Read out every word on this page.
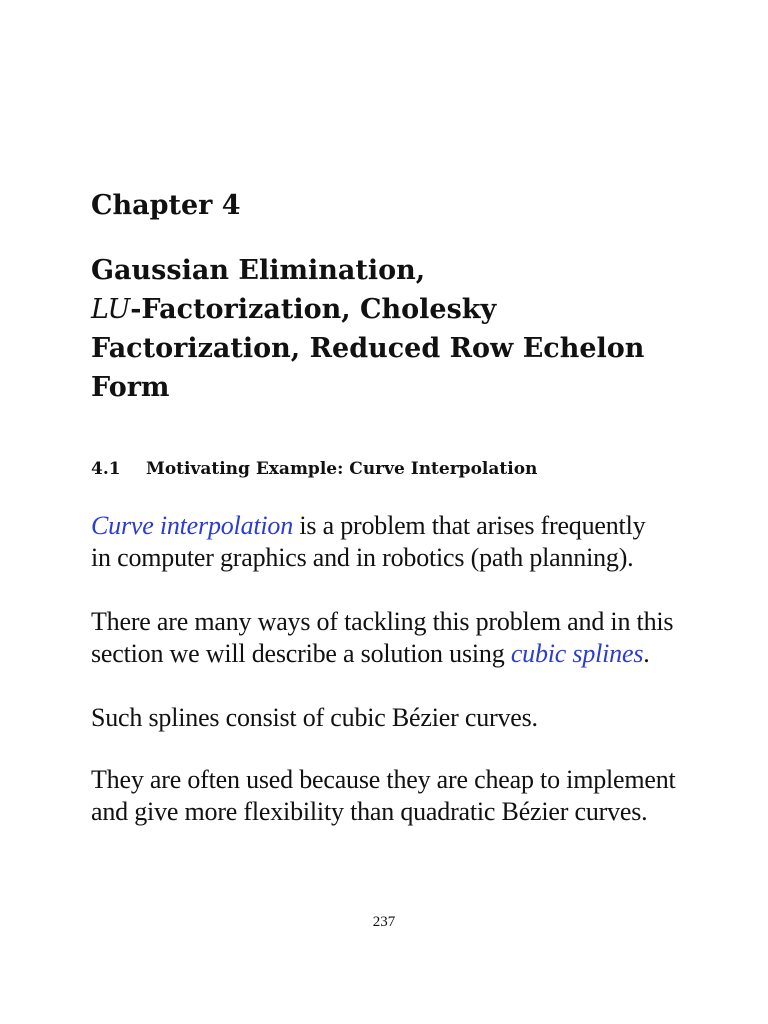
Chapter 4
Gaussian Elimination,
LU-Factorization, Cholesky
Factorization, Reduced Row Echelon
Form
4.1 Motivating Example: Curve Interpolation
Curve interpolation is a problem that arises frequently
in computer graphics and in robotics (path planning).
There are many ways of tackling this problem and in this
section we will describe a solution using cubic splines.
Such splines consist of cubic Bézier curves.
They are often used because they are cheap to implement
and give more flexibility than quadratic Bézier curves.
237
